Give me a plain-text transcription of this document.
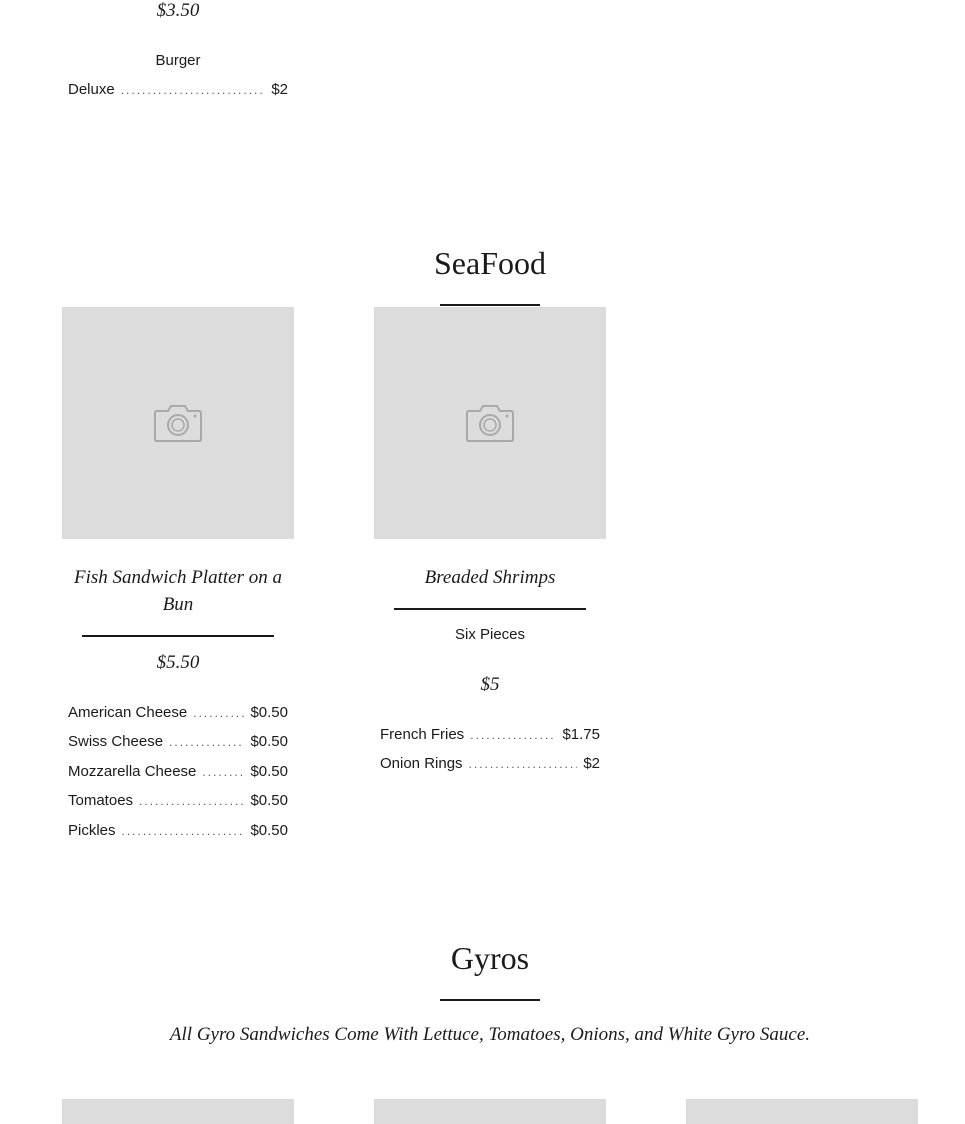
$3.50
Burger
Deluxe .....	$2
SeaFood
Fish Sandwich Platter on a Bun
$5.50
American Cheese .....	$0.50
Swiss Cheese .....	$0.50
Mozzarella Cheese .....	$0.50
Tomatoes .....	$0.50
Pickles .....	$0.50
Breaded Shrimps
Six Pieces
$5
French Fries .....	$1.75
Onion Rings .....	$2
Gyros
All Gyro Sandwiches Come With Lettuce, Tomatoes, Onions, and White Gyro Sauce.
